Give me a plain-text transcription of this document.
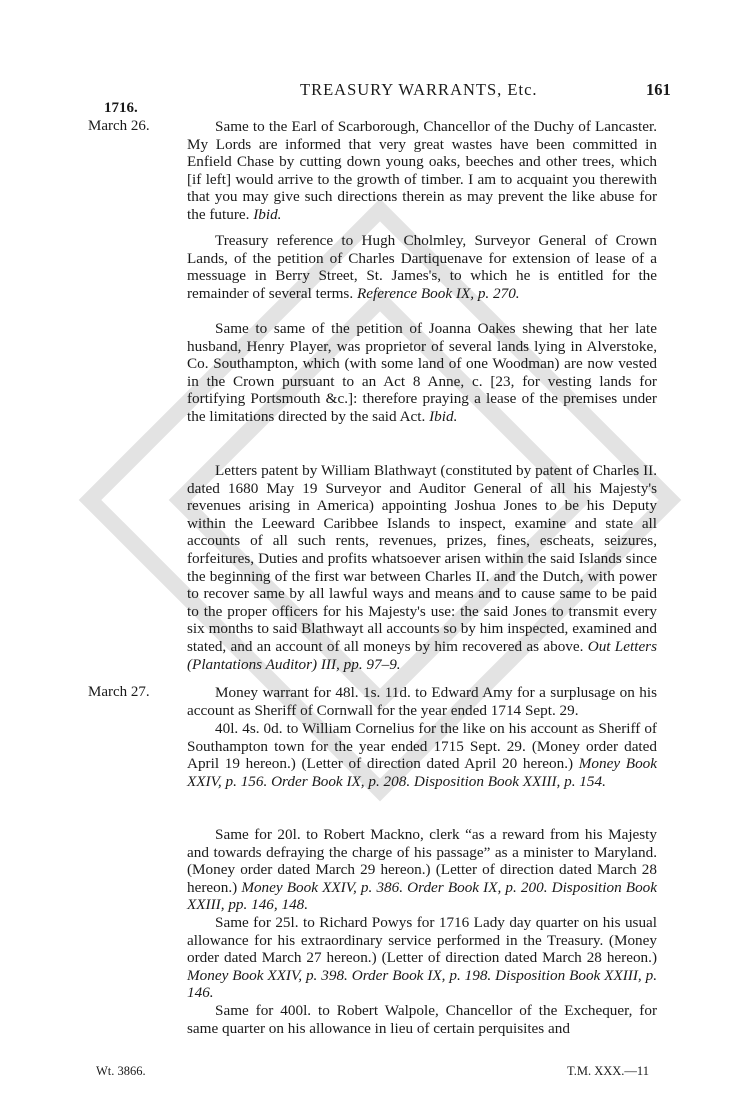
TREASURY WARRANTS, Etc.	161
1716.
March 26.	Same to the Earl of Scarborough, Chancellor of the Duchy of Lancaster. My Lords are informed that very great wastes have been committed in Enfield Chase by cutting down young oaks, beeches and other trees, which [if left] would arrive to the growth of timber. I am to acquaint you therewith that you may give such directions therein as may prevent the like abuse for the future. Ibid.

Treasury reference to Hugh Cholmley, Surveyor General of Crown Lands, of the petition of Charles Dartiquenave for extension of lease of a messuage in Berry Street, St. James's, to which he is entitled for the remainder of several terms. Reference Book IX, p. 270.

Same to same of the petition of Joanna Oakes shewing that her late husband, Henry Player, was proprietor of several lands lying in Alverstoke, Co. Southampton, which (with some land of one Woodman) are now vested in the Crown pursuant to an Act 8 Anne, c. [23, for vesting lands for fortifying Portsmouth &c.]: therefore praying a lease of the premises under the limitations directed by the said Act. Ibid.

Letters patent by William Blathwayt (constituted by patent of Charles II. dated 1680 May 19 Surveyor and Auditor General of all his Majesty's revenues arising in America) appointing Joshua Jones to be his Deputy within the Leeward Caribbee Islands to inspect, examine and state all accounts of all such rents, revenues, prizes, fines, escheats, seizures, forfeitures, Duties and profits whatsoever arisen within the said Islands since the beginning of the first war between Charles II. and the Dutch, with power to recover same by all lawful ways and means and to cause same to be paid to the proper officers for his Majesty's use: the said Jones to transmit every six months to said Blathwayt all accounts so by him inspected, examined and stated, and an account of all moneys by him recovered as above. Out Letters (Plantations Auditor) III, pp. 97–9.

March 27.	Money warrant for 48l. 1s. 11d. to Edward Amy for a surplusage on his account as Sheriff of Cornwall for the year ended 1714 Sept. 29.

40l. 4s. 0d. to William Cornelius for the like on his account as Sheriff of Southampton town for the year ended 1715 Sept. 29. (Money order dated April 19 hereon.) (Letter of direction dated April 20 hereon.) Money Book XXIV, p. 156. Order Book IX, p. 208. Disposition Book XXIII, p. 154.

Same for 20l. to Robert Mackno, clerk “as a reward from his Majesty and towards defraying the charge of his passage” as a minister to Maryland. (Money order dated March 29 hereon.) (Letter of direction dated March 28 hereon.) Money Book XXIV, p. 386. Order Book IX, p. 200. Disposition Book XXIII, pp. 146, 148.

Same for 25l. to Richard Powys for 1716 Lady day quarter on his usual allowance for his extraordinary service performed in the Treasury. (Money order dated March 27 hereon.) (Letter of direction dated March 28 hereon.) Money Book XXIV, p. 398. Order Book IX, p. 198. Disposition Book XXIII, p. 146.

Same for 400l. to Robert Walpole, Chancellor of the Exchequer, for same quarter on his allowance in lieu of certain perquisites and

Wt. 3866.	T.M. XXX.—11
